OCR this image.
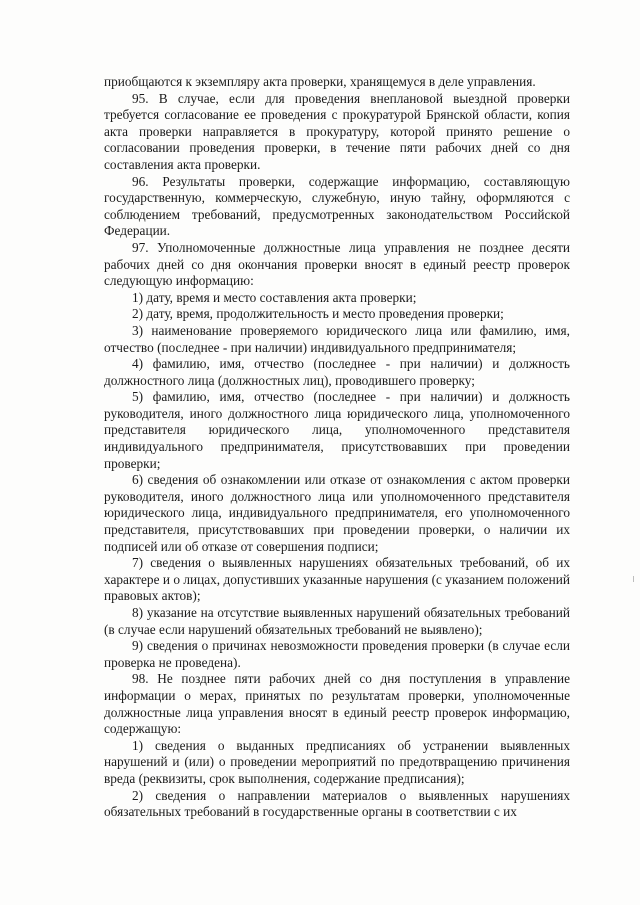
приобщаются к экземпляру акта проверки, хранящемуся в деле управления.

95. В случае, если для проведения внеплановой выездной проверки требуется согласование ее проведения с прокуратурой Брянской области, копия акта проверки направляется в прокуратуру, которой принято решение о согласовании проведения проверки, в течение пяти рабочих дней со дня составления акта проверки.

96. Результаты проверки, содержащие информацию, составляющую государственную, коммерческую, служебную, иную тайну, оформляются с соблюдением требований, предусмотренных законодательством Российской Федерации.

97. Уполномоченные должностные лица управления не позднее десяти рабочих дней со дня окончания проверки вносят в единый реестр проверок следующую информацию:

1) дату, время и место составления акта проверки;

2) дату, время, продолжительность и место проведения проверки;

3) наименование проверяемого юридического лица или фамилию, имя, отчество (последнее - при наличии) индивидуального предпринимателя;

4) фамилию, имя, отчество (последнее - при наличии) и должность должностного лица (должностных лиц), проводившего проверку;

5) фамилию, имя, отчество (последнее - при наличии) и должность руководителя, иного должностного лица юридического лица, уполномоченного представителя юридического лица, уполномоченного представителя индивидуального предпринимателя, присутствовавших при проведении проверки;

6) сведения об ознакомлении или отказе от ознакомления с актом проверки руководителя, иного должностного лица или уполномоченного представителя юридического лица, индивидуального предпринимателя, его уполномоченного представителя, присутствовавших при проведении проверки, о наличии их подписей или об отказе от совершения подписи;

7) сведения о выявленных нарушениях обязательных требований, об их характере и о лицах, допустивших указанные нарушения (с указанием положений правовых актов);

8) указание на отсутствие выявленных нарушений обязательных требований (в случае если нарушений обязательных требований не выявлено);

9) сведения о причинах невозможности проведения проверки (в случае если проверка не проведена).

98. Не позднее пяти рабочих дней со дня поступления в управление информации о мерах, принятых по результатам проверки, уполномоченные должностные лица управления вносят в единый реестр проверок информацию, содержащую:

1) сведения о выданных предписаниях об устранении выявленных нарушений и (или) о проведении мероприятий по предотвращению причинения вреда (реквизиты, срок выполнения, содержание предписания);

2) сведения о направлении материалов о выявленных нарушениях обязательных требований в государственные органы в соответствии с их
